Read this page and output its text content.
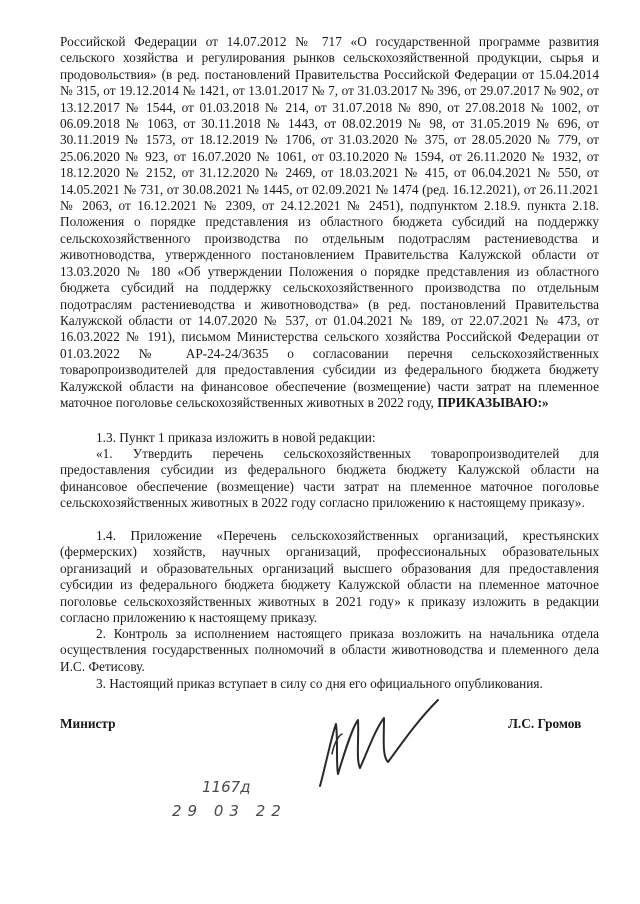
Российской Федерации от 14.07.2012 № 717 «О государственной программе развития сельского хозяйства и регулирования рынков сельскохозяйственной продукции, сырья и продовольствия» (в ред. постановлений Правительства Российской Федерации от 15.04.2014 № 315, от 19.12.2014 № 1421, от 13.01.2017 № 7, от 31.03.2017 № 396, от 29.07.2017 № 902, от 13.12.2017 № 1544, от 01.03.2018 № 214, от 31.07.2018 № 890, от 27.08.2018 № 1002, от 06.09.2018 № 1063, от 30.11.2018 № 1443, от 08.02.2019 № 98, от 31.05.2019 № 696, от 30.11.2019 № 1573, от 18.12.2019 № 1706, от 31.03.2020 № 375, от 28.05.2020 № 779, от 25.06.2020 № 923, от 16.07.2020 № 1061, от 03.10.2020 № 1594, от 26.11.2020 № 1932, от 18.12.2020 № 2152, от 31.12.2020 № 2469, от 18.03.2021 № 415, от 06.04.2021 № 550, от 14.05.2021 № 731, от 30.08.2021 № 1445, от 02.09.2021 № 1474 (ред. 16.12.2021), от 26.11.2021 № 2063, от 16.12.2021 № 2309, от 24.12.2021 № 2451), подпунктом 2.18.9. пункта 2.18. Положения о порядке представления из областного бюджета субсидий на поддержку сельскохозяйственного производства по отдельным подотраслям растениеводства и животноводства, утвержденного постановлением Правительства Калужской области от 13.03.2020 № 180 «Об утверждении Положения о порядке представления из областного бюджета субсидий на поддержку сельскохозяйственного производства по отдельным подотраслям растениеводства и животноводства» (в ред. постановлений Правительства Калужской области от 14.07.2020 № 537, от 01.04.2021 № 189, от 22.07.2021 № 473, от 16.03.2022 № 191), письмом Министерства сельского хозяйства Российской Федерации от 01.03.2022 № АР-24-24/3635 о согласовании перечня сельскохозяйственных товаропроизводителей для предоставления субсидии из федерального бюджета бюджету Калужской области на финансовое обеспечение (возмещение) части затрат на племенное маточное поголовье сельскохозяйственных животных в 2022 году, ПРИКАЗЫВАЮ:»

1.3. Пункт 1 приказа изложить в новой редакции:

«1. Утвердить перечень сельскохозяйственных товаропроизводителей для предоставления субсидии из федерального бюджета бюджету Калужской области на финансовое обеспечение (возмещение) части затрат на племенное маточное поголовье сельскохозяйственных животных в 2022 году согласно приложению к настоящему приказу».

1.4. Приложение «Перечень сельскохозяйственных организаций, крестьянских (фермерских) хозяйств, научных организаций, профессиональных образовательных организаций и образовательных организаций высшего образования для предоставления субсидии из федерального бюджета бюджету Калужской области на племенное маточное поголовье сельскохозяйственных животных в 2021 году» к приказу изложить в редакции согласно приложению к настоящему приказу.

2. Контроль за исполнением настоящего приказа возложить на начальника отдела осуществления государственных полномочий в области животноводства и племенного дела И.С. Фетисову.

3. Настоящий приказ вступает в силу со дня его официального опубликования.

Министр	Л.С. Громов
1167д
29 03 22
